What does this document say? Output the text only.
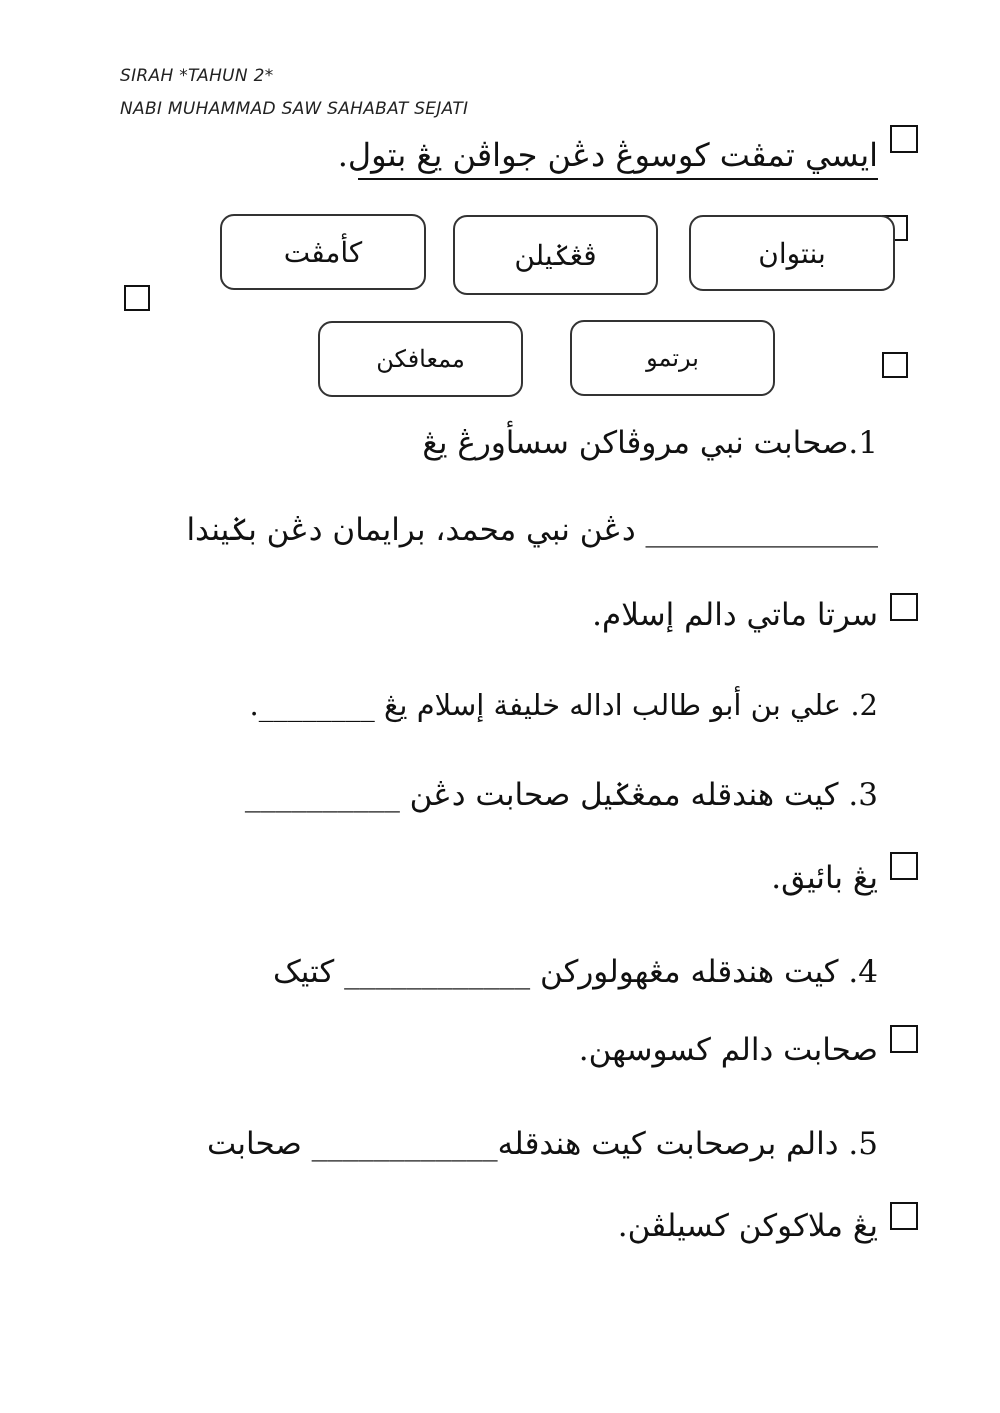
SIRAH *TAHUN 2*
NABI MUHAMMAD SAW SAHABAT SEJATI
ايسي تمڤت كوسوڠ دڠن جواڤن يڠ بتول.
بنتوان
ڤڠݢيلن
كأمڤت
برتمو
ممعافكن
1.صحابت نبي مروڤاكن سسأورڠ يڠ
_______________ دڠن نبي محمد، برايمان دڠن بݢيندا
سرتا ماتي دالم إسلام.
2. علي بن أبو طالب اداله خليفة إسلام يڠ ________.
3. كيت هندقله ممڠݢيل صحابت دڠن __________
يڠ بائيق.
4. كيت هندقله مڠهولوركن ____________ كتيک
صحابت دالم كسوسهن.
5. دالم برصحابت كيت هندقله____________ صحابت
يڠ ملاكوكن كسيلڤن.
